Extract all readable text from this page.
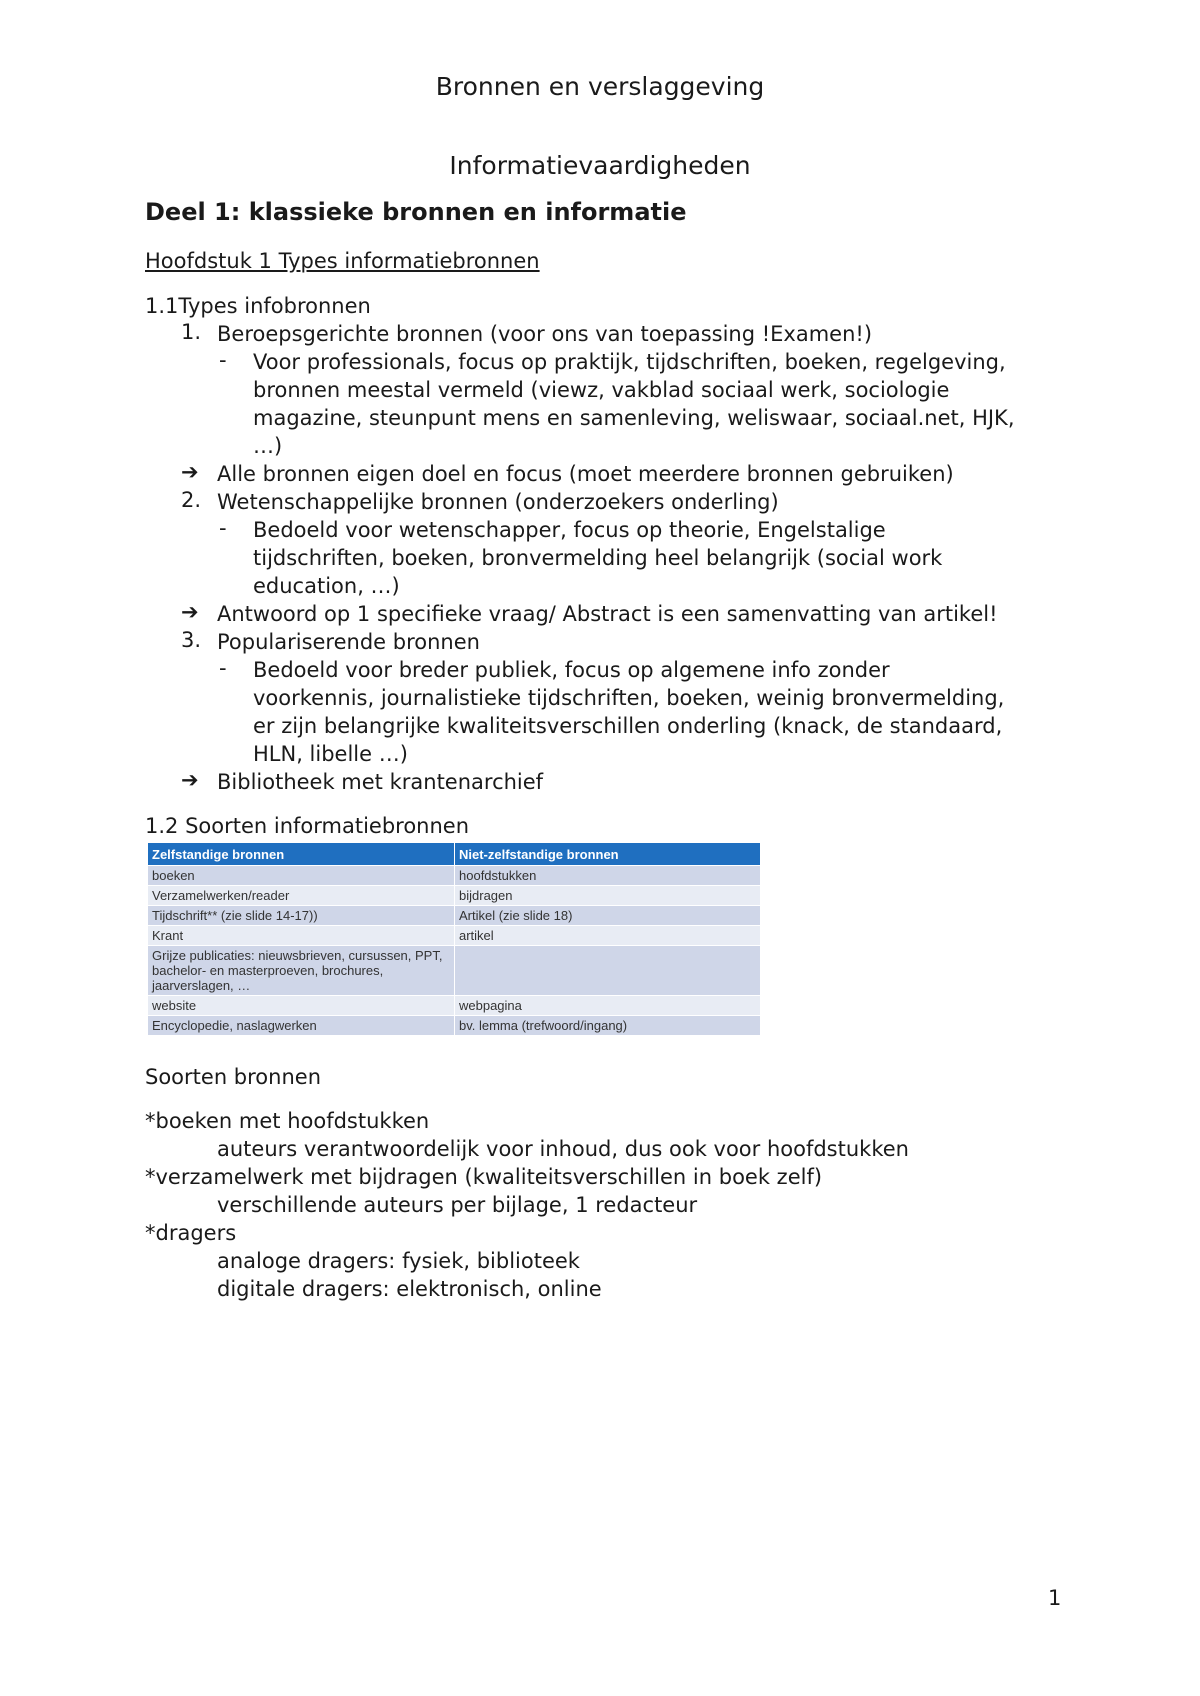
Bronnen en verslaggeving
Informatievaardigheden
Deel 1: klassieke bronnen en informatie
Hoofdstuk 1 Types informatiebronnen
1.1Types infobronnen
1. Beroepsgerichte bronnen (voor ons van toepassing !Examen!)
- Voor professionals, focus op praktijk, tijdschriften, boeken, regelgeving,
bronnen meestal vermeld (viewz, vakblad sociaal werk, sociologie
magazine, steunpunt mens en samenleving, weliswaar, sociaal.net, HJK,
…)
➔ Alle bronnen eigen doel en focus (moet meerdere bronnen gebruiken)
2. Wetenschappelijke bronnen (onderzoekers onderling)
- Bedoeld voor wetenschapper, focus op theorie, Engelstalige
tijdschriften, boeken, bronvermelding heel belangrijk (social work
education, …)
➔ Antwoord op 1 specifieke vraag/ Abstract is een samenvatting van artikel!
3. Populariserende bronnen
- Bedoeld voor breder publiek, focus op algemene info zonder
voorkennis, journalistieke tijdschriften, boeken, weinig bronvermelding,
er zijn belangrijke kwaliteitsverschillen onderling (knack, de standaard,
HLN, libelle …)
➔ Bibliotheek met krantenarchief
1.2 Soorten informatiebronnen
Zelfstandige bronnen	Niet-zelfstandige bronnen
boeken	hoofdstukken
Verzamelwerken/reader	bijdragen
Tijdschrift** (zie slide 14-17))	Artikel (zie slide 18)
Krant	artikel
Grijze publicaties: nieuwsbrieven, cursussen, PPT, bachelor- en masterproeven, brochures, jaarverslagen, …	
website	webpagina
Encyclopedie, naslagwerken	bv. lemma (trefwoord/ingang)
Soorten bronnen
*boeken met hoofdstukken
auteurs verantwoordelijk voor inhoud, dus ook voor hoofdstukken
*verzamelwerk met bijdragen (kwaliteitsverschillen in boek zelf)
verschillende auteurs per bijlage, 1 redacteur
*dragers
analoge dragers: fysiek, biblioteek
digitale dragers: elektronisch, online
1
